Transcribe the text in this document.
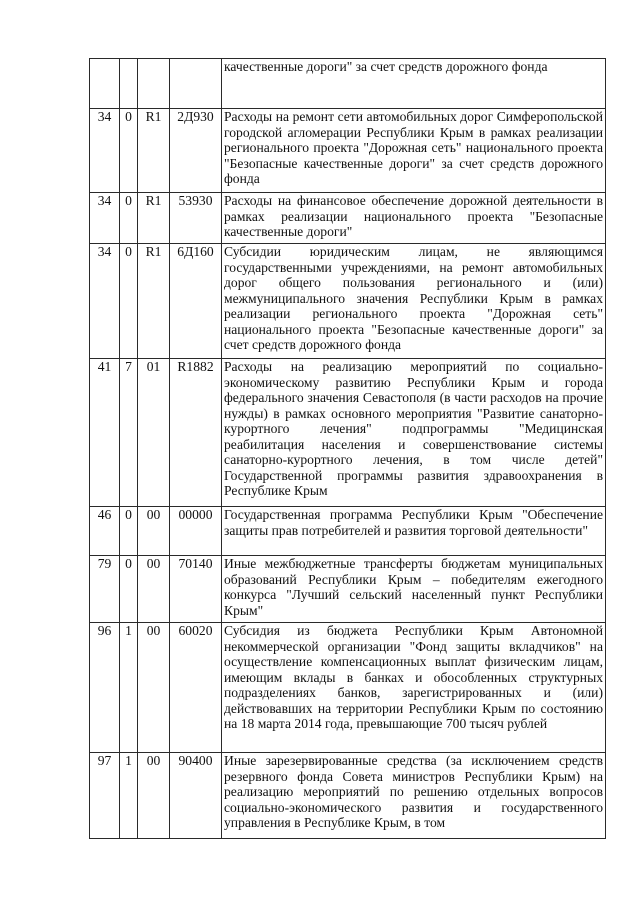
				качественные дороги" за счет средств дорожного фонда
34	0	R1	2Д930	Расходы на ремонт сети автомобильных дорог Симферопольской городской агломерации Республики Крым в рамках реализации регионального проекта "Дорожная сеть" национального проекта "Безопасные качественные дороги" за счет средств дорожного фонда
34	0	R1	53930	Расходы на финансовое обеспечение дорожной деятельности в рамках реализации национального проекта "Безопасные качественные дороги"
34	0	R1	6Д160	Субсидии юридическим лицам, не являющимся государственными учреждениями, на ремонт автомобильных дорог общего пользования регионального и (или) межмуниципального значения Республики Крым в рамках реализации регионального проекта "Дорожная сеть" национального проекта "Безопасные качественные дороги" за счет средств дорожного фонда
41	7	01	R1882	Расходы на реализацию мероприятий по социально-экономическому развитию Республики Крым и города федерального значения Севастополя (в части расходов на прочие нужды) в рамках основного мероприятия "Развитие санаторно-курортного лечения" подпрограммы "Медицинская реабилитация населения и совершенствование системы санаторно-курортного лечения, в том числе детей" Государственной программы развития здравоохранения в Республике Крым
46	0	00	00000	Государственная программа Республики Крым "Обеспечение защиты прав потребителей и развития торговой деятельности"
79	0	00	70140	Иные межбюджетные трансферты бюджетам муниципальных образований Республики Крым – победителям ежегодного конкурса "Лучший сельский населенный пункт Республики Крым"
96	1	00	60020	Субсидия из бюджета Республики Крым Автономной некоммерческой организации "Фонд защиты вкладчиков" на осуществление компенсационных выплат физическим лицам, имеющим вклады в банках и обособленных структурных подразделениях банков, зарегистрированных и (или) действовавших на территории Республики Крым по состоянию на 18 марта 2014 года, превышающие 700 тысяч рублей
97	1	00	90400	Иные зарезервированные средства (за исключением средств резервного фонда Совета министров Республики Крым) на реализацию мероприятий по решению отдельных вопросов социально-экономического развития и государственного управления в Республике Крым, в том
